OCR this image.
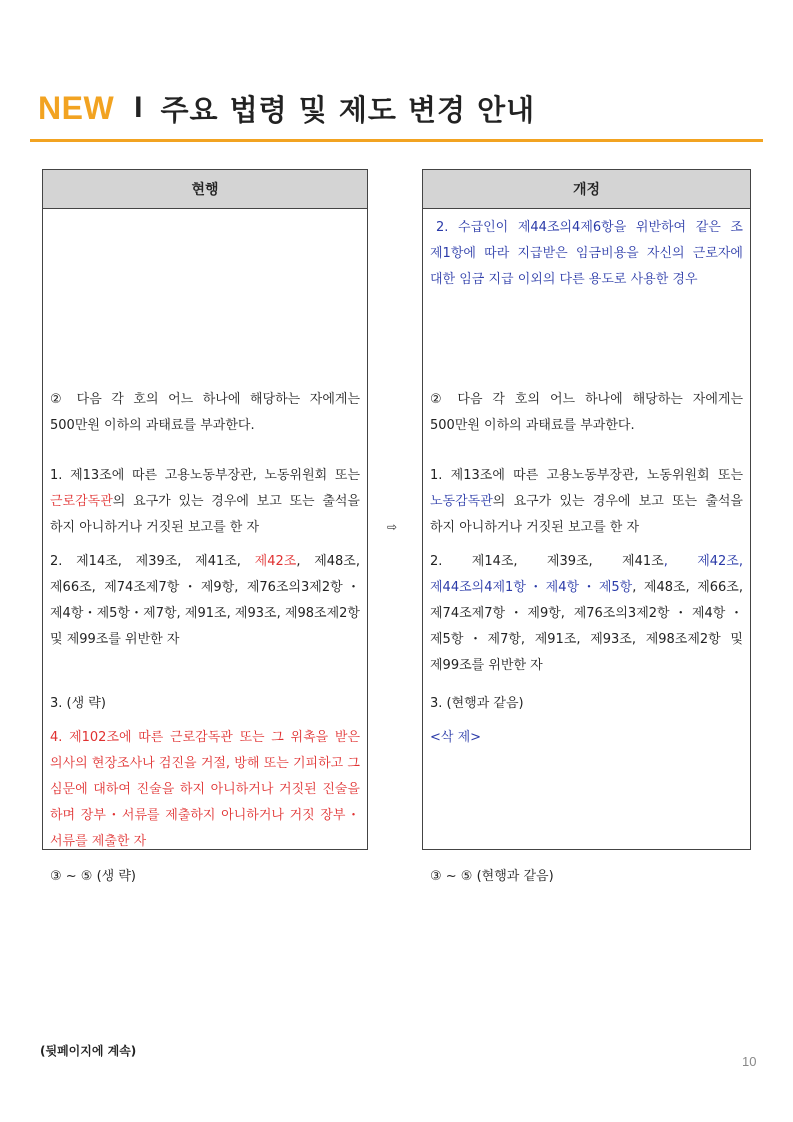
NEW I 주요 법령 및 제도 변경 안내
현행
② 다음 각 호의 어느 하나에 해당하는 자에게는 500만원 이하의 과태료를 부과한다.
1. 제13조에 따른 고용노동부장관, 노동위원회 또는 근로감독관의 요구가 있는 경우에 보고 또는 출석을 하지 아니하거나 거짓된 보고를 한 자
2. 제14조, 제39조, 제41조, 제42조, 제48조, 제66조, 제74조제7항・제9항, 제76조의3제2항・제4항・제5항・제7항, 제91조, 제93조, 제98조제2항 및 제99조를 위반한 자
3. (생 략)
4. 제102조에 따른 근로감독관 또는 그 위촉을 받은 의사의 현장조사나 검진을 거절, 방해 또는 기피하고 그 심문에 대하여 진술을 하지 아니하거나 거짓된 진술을 하며 장부・서류를 제출하지 아니하거나 거짓 장부・서류를 제출한 자
③ ~ ⑤ (생 략)
⇨
개정
2. 수급인이 제44조의4제6항을 위반하여 같은 조 제1항에 따라 지급받은 임금비용을 자신의 근로자에 대한 임금 지급 이외의 다른 용도로 사용한 경우
② 다음 각 호의 어느 하나에 해당하는 자에게는 500만원 이하의 과태료를 부과한다.
1. 제13조에 따른 고용노동부장관, 노동위원회 또는 노동감독관의 요구가 있는 경우에 보고 또는 출석을 하지 아니하거나 거짓된 보고를 한 자
2. 제14조, 제39조, 제41조, 제42조, 제44조의4제1항・제4항・제5항, 제48조, 제66조, 제74조제7항・제9항, 제76조의3제2항・제4항・제5항・제7항, 제91조, 제93조, 제98조제2항 및 제99조를 위반한 자
3. (현행과 같음)
<삭 제>
③ ~ ⑤ (현행과 같음)
(뒷페이지에 계속)
10
